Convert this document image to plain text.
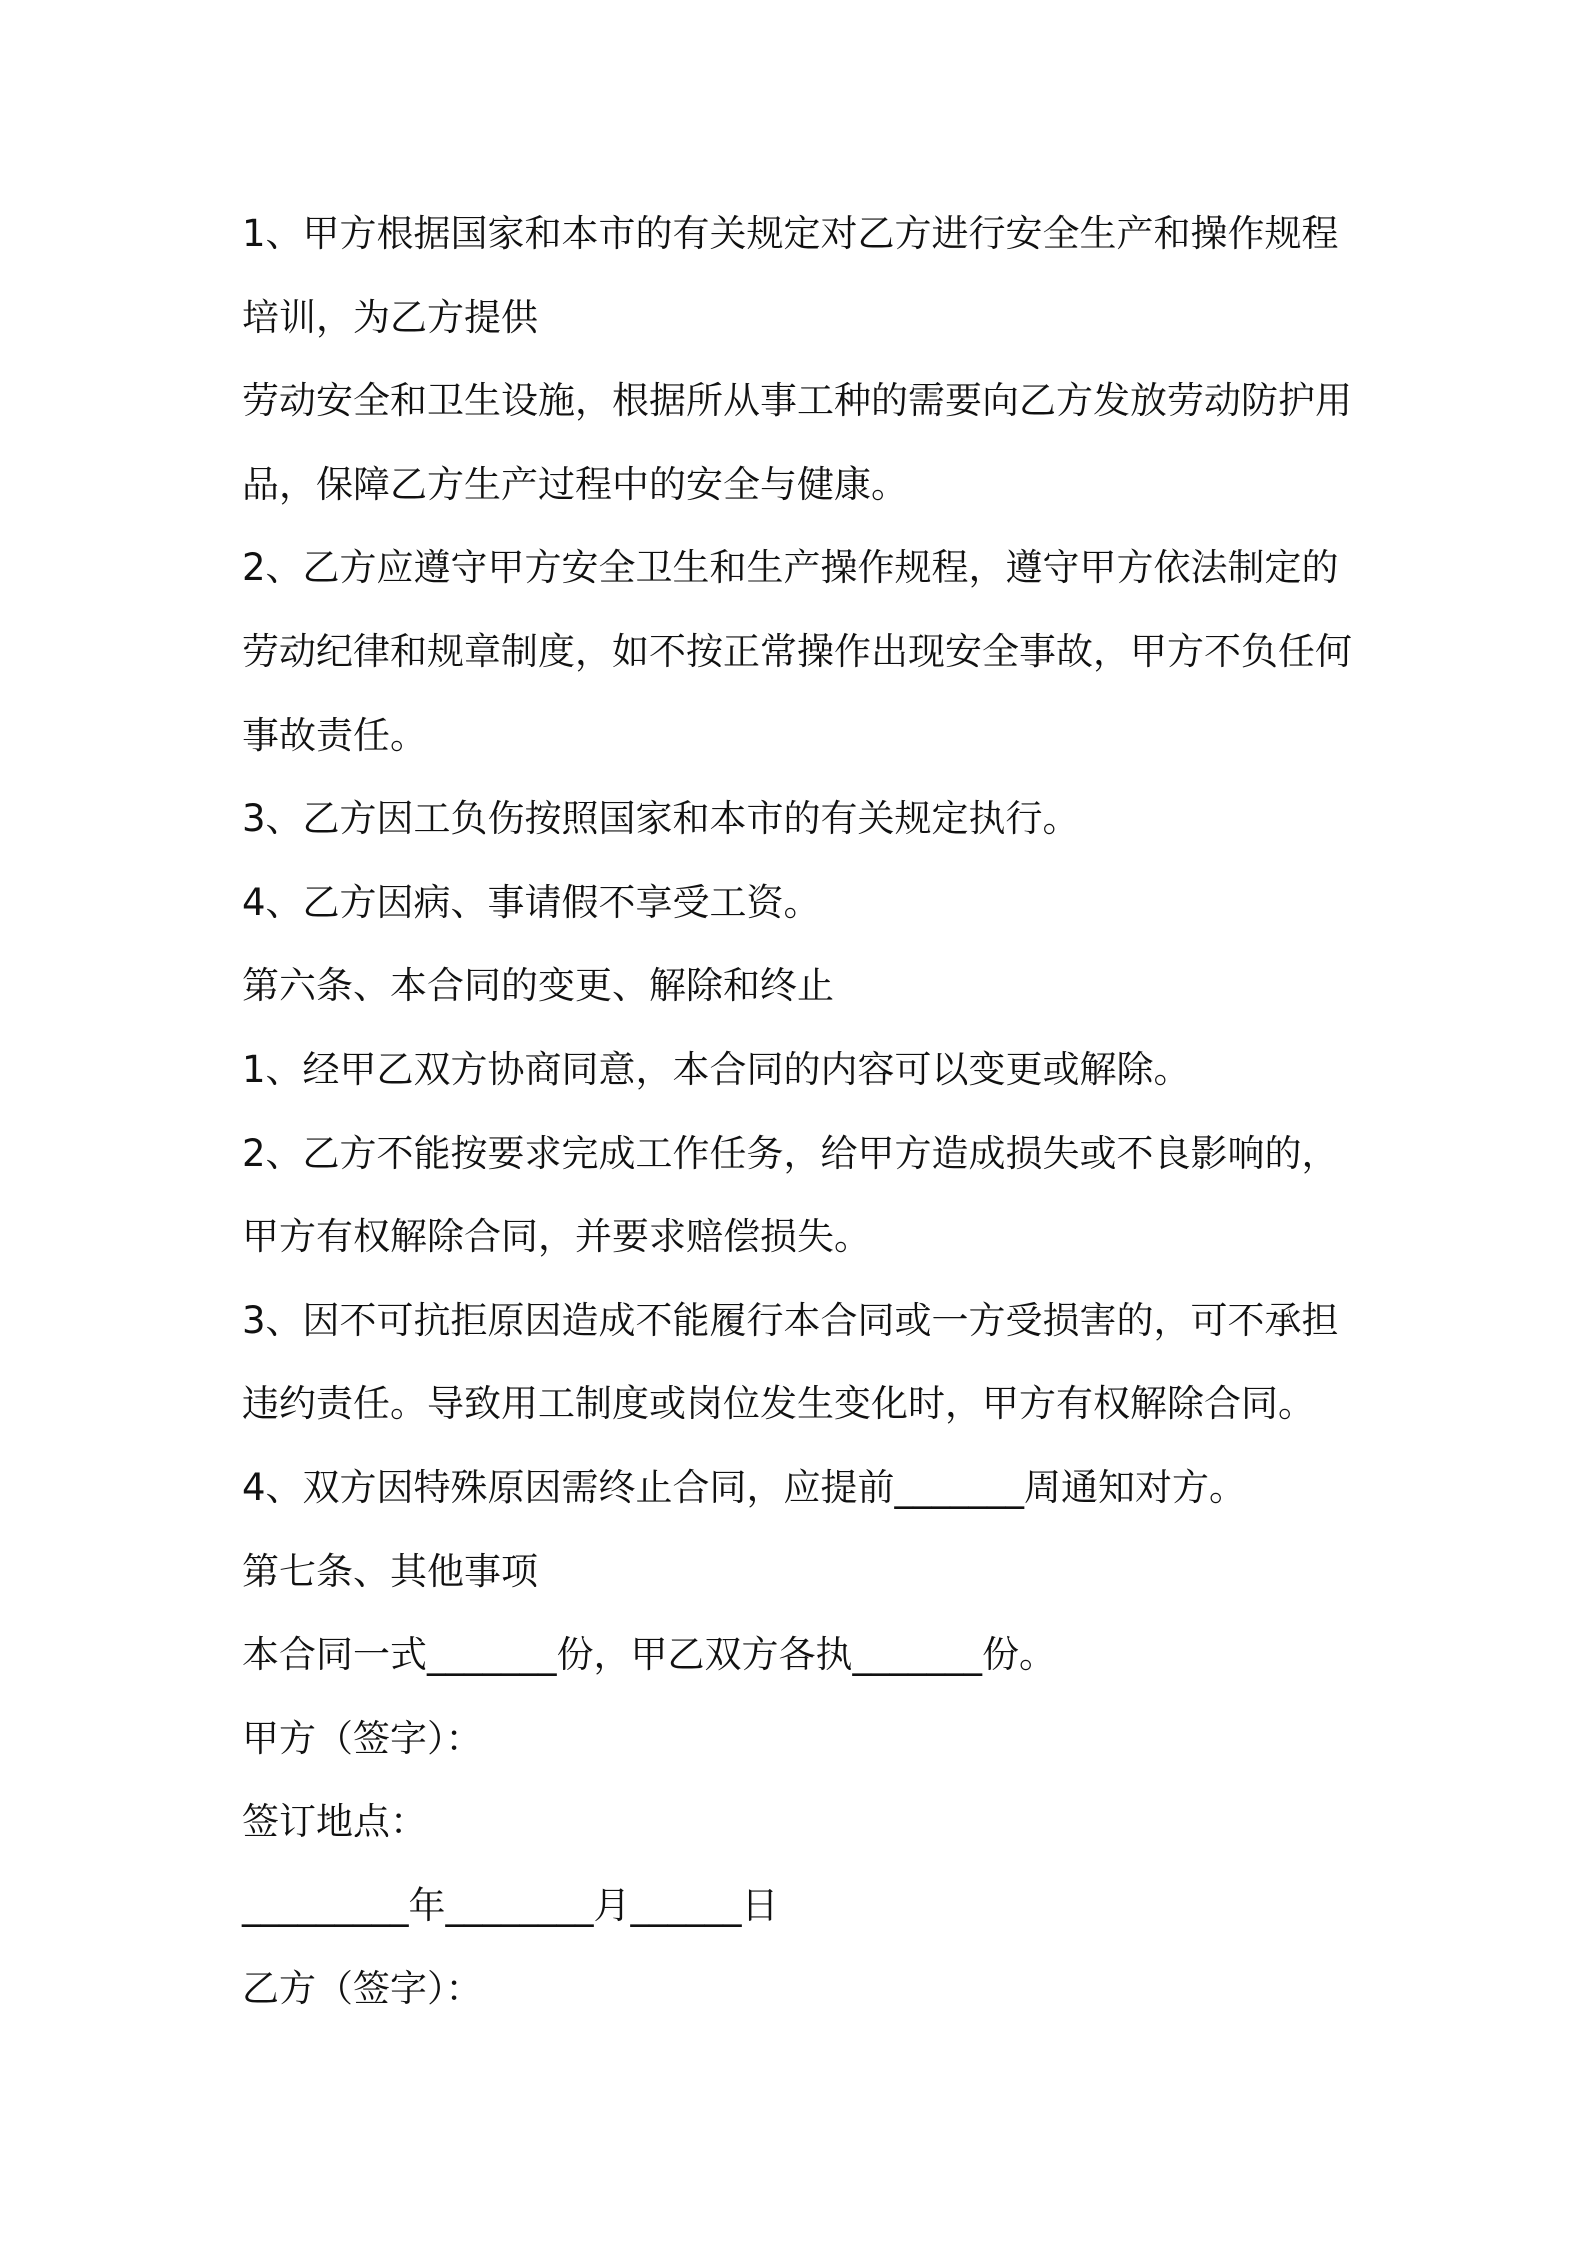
1、甲方根据国家和本市的有关规定对乙方进行安全生产和操作规程

培训，为乙方提供

劳动安全和卫生设施，根据所从事工种的需要向乙方发放劳动防护用

品，保障乙方生产过程中的安全与健康。

2、乙方应遵守甲方安全卫生和生产操作规程，遵守甲方依法制定的

劳动纪律和规章制度，如不按正常操作出现安全事故，甲方不负任何

事故责任。

3、乙方因工负伤按照国家和本市的有关规定执行。

4、乙方因病、事请假不享受工资。

第六条、本合同的变更、解除和终止

1、经甲乙双方协商同意，本合同的内容可以变更或解除。

2、乙方不能按要求完成工作任务，给甲方造成损失或不良影响的，

甲方有权解除合同，并要求赔偿损失。

3、因不可抗拒原因造成不能履行本合同或一方受损害的，可不承担

违约责任。导致用工制度或岗位发生变化时，甲方有权解除合同。

4、双方因特殊原因需终止合同，应提前_______周通知对方。

第七条、其他事项

本合同一式_______份，甲乙双方各执_______份。

甲方（签字）：

签订地点：

_________年________月______日

乙方（签字）：
